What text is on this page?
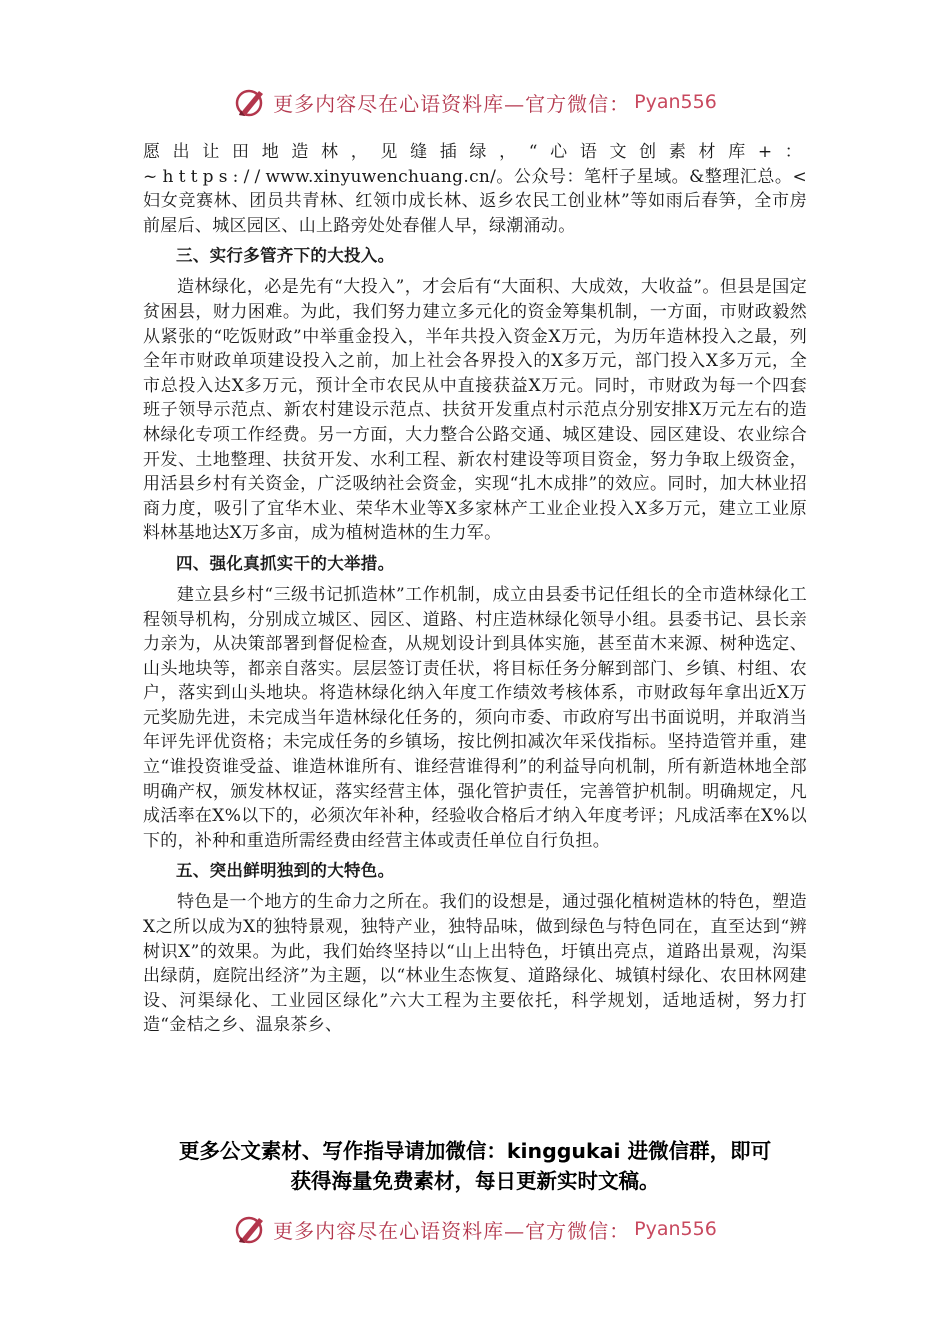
更多内容尽在心语资料库—官方微信： Pyan556

愿出让田地造林，见缝插绿，“心语文创素材库+：~https://www.xinyuwenchuang.cn/。公众号：笔杆子星域。&整理汇总。<妇女竞赛林、团员共青林、红领巾成长林、返乡农民工创业林”等如雨后春笋，全市房前屋后、城区园区、山上路旁处处春催人早，绿潮涌动。

三、实行多管齐下的大投入。

造林绿化，必是先有“大投入”，才会后有“大面积、大成效，大收益”。但县是国定贫困县，财力困难。为此，我们努力建立多元化的资金筹集机制，一方面，市财政毅然从紧张的“吃饭财政”中举重金投入，半年共投入资金X万元，为历年造林投入之最，列全年市财政单项建设投入之前，加上社会各界投入的X多万元，部门投入X多万元，全市总投入达X多万元，预计全市农民从中直接获益X万元。同时，市财政为每一个四套班子领导示范点、新农村建设示范点、扶贫开发重点村示范点分别安排X万元左右的造林绿化专项工作经费。另一方面，大力整合公路交通、城区建设、园区建设、农业综合开发、土地整理、扶贫开发、水利工程、新农村建设等项目资金，努力争取上级资金，用活县乡村有关资金，广泛吸纳社会资金，实现“扎木成排”的效应。同时，加大林业招商力度，吸引了宜华木业、荣华木业等X多家林产工业企业投入X多万元，建立工业原料林基地达X万多亩，成为植树造林的生力军。

四、强化真抓实干的大举措。

建立县乡村“三级书记抓造林”工作机制，成立由县委书记任组长的全市造林绿化工程领导机构，分别成立城区、园区、道路、村庄造林绿化领导小组。县委书记、县长亲力亲为，从决策部署到督促检查，从规划设计到具体实施，甚至苗木来源、树种选定、山头地块等，都亲自落实。层层签订责任状，将目标任务分解到部门、乡镇、村组、农户，落实到山头地块。将造林绿化纳入年度工作绩效考核体系，市财政每年拿出近X万元奖励先进，未完成当年造林绿化任务的，须向市委、市政府写出书面说明，并取消当年评先评优资格；未完成任务的乡镇场，按比例扣减次年采伐指标。坚持造管并重，建立“谁投资谁受益、谁造林谁所有、谁经营谁得利”的利益导向机制，所有新造林地全部明确产权，颁发林权证，落实经营主体，强化管护责任，完善管护机制。明确规定，凡成活率在X%以下的，必须次年补种，经验收合格后才纳入年度考评；凡成活率在X%以下的，补种和重造所需经费由经营主体或责任单位自行负担。

五、突出鲜明独到的大特色。

特色是一个地方的生命力之所在。我们的设想是，通过强化植树造林的特色，塑造X之所以成为X的独特景观，独特产业，独特品味，做到绿色与特色同在，直至达到“辨树识X”的效果。为此，我们始终坚持以“山上出特色，圩镇出亮点，道路出景观，沟渠出绿荫，庭院出经济”为主题，以“林业生态恢复、道路绿化、城镇村绿化、农田林网建设、河渠绿化、工业园区绿化”六大工程为主要依托，科学规划，适地适树，努力打造“金桔之乡、温泉茶乡、

更多公文素材、写作指导请加微信：kinggukai 进微信群，即可
获得海量免费素材，每日更新实时文稿。
更多内容尽在心语资料库—官方微信： Pyan556
